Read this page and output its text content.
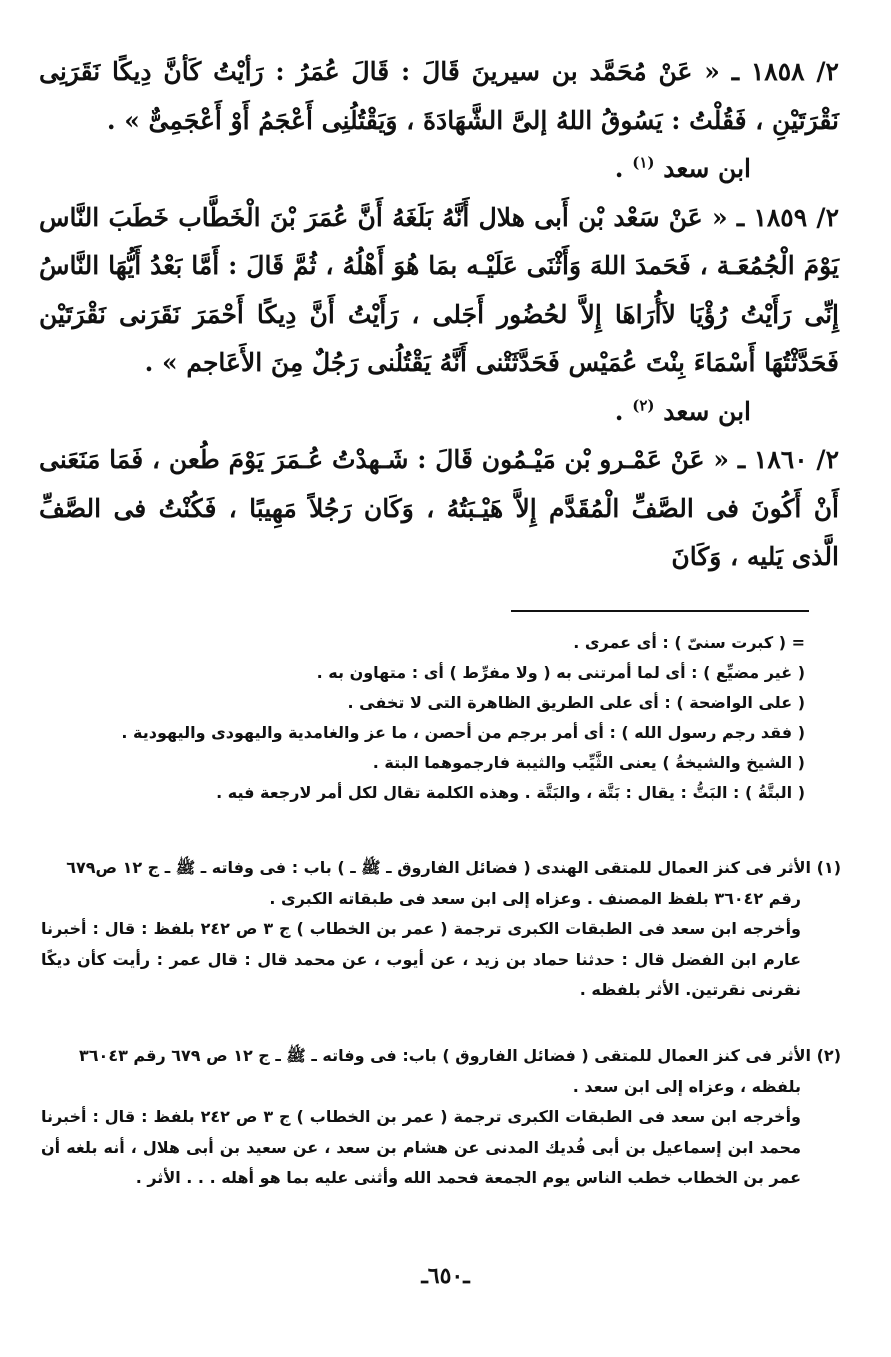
٢/ ١٨٥٨ ـ « عَنْ مُحَمَّد بن سيرينَ قَالَ : قَالَ عُمَرُ : رَأيْتُ كَأنَّ دِيكًا نَقَرَنِى نَقْرَتَيْنِ ، فَقُلْتُ : يَسُوقُ اللهُ إلىَّ الشَّهَادَةَ ، وَيَقْتُلُنِى أَعْجَمُ أَوْ أَعْجَمِىٌّ » .

ابن سعد $^{(١)}$ .

٢/ ١٨٥٩ ـ « عَنْ سَعْد بْن أَبى هلال أَنَّهُ بَلَغَهُ أَنَّ عُمَرَ بْنَ الْخَطَّاب خَطَبَ النَّاس يَوْمَ الْجُمُعَـة ، فَحَمدَ اللهَ وَأَثْنَى عَلَيْـه بمَا هُوَ أَهْلُهُ ، ثُمَّ قَالَ : أَمَّا بَعْدُ أَيُّهَا النَّاسُ إِنِّى رَأَيْتُ رُؤْيَا لاَأُرَاهَا إِلاَّ لحُضُور أَجَلى ، رَأَيْتُ أَنَّ دِيكًا أَحْمَرَ نَقَرَنى نَقْرَتَيْن فَحَدَّثْتُهَا أَسْمَاءَ بِنْتَ عُمَيْس فَحَدَّثَتْنى أَنَّهُ يَقْتُلُنى رَجُلٌ مِنَ الأَعَاجم » .

ابن سعد $^{(٢)}$ .

٢/ ١٨٦٠ ـ « عَنْ عَمْـرو بْن مَيْـمُون قَالَ : شَـهدْتُ عُـمَرَ يَوْمَ طُعن ، فَمَا مَنَعَنى أَنْ أَكُونَ فى الصَّفِّ الْمُقَدَّم إِلاَّ هَيْـبَتُهُ ، وَكَان رَجُلاً مَهِيبًا ، فَكُنْتُ فى الصَّفِّ الَّذى يَليه ، وَكَانَ

= ( كبرت سنىّ ) : أى عمرى .

( غير مضيِّع ) : أى لما أمرتنى به ( ولا مفرِّط ) أى : متهاون به .

( على الواضحة ) : أى على الطريق الظاهرة التى لا تخفى .

( فقد رجم رسول الله ) : أى أمر برجم من أحصن ، ما عز والغامدية واليهودى واليهودية .

( الشيخ والشيخةُ ) يعنى الثَّيِّب والثيبة فارجموهما البتة .

( البتَّةُ ) : البَتُّ : يقال : بَتَّة ، والبَتَّة . وهذه الكلمة تقال لكل أمر لارجعة فيه .

(١) الأثر فى كنز العمال للمتقى الهندى ( فضائل الفاروق ـ ﷺ ـ ) باب : فى وفاته ـ ﷺ ـ ج ١٢ ص٦٧٩

رقم ٣٦٠٤٢ بلفظ المصنف . وعزاه إلى ابن سعد فى طبقاته الكبرى .

وأخرجه ابن سعد فى الطبقات الكبرى ترجمة ( عمر بن الخطاب ) ج ٣ ص ٢٤٢ بلفظ : قال : أخبرنا عارم ابن الفضل قال : حدثنا حماد بن زيد ، عن أيوب ، عن محمد قال : قال عمر : رأيت كأن ديكًا نقرنى نقرتين. الأثر بلفظه .

(٢) الأثر فى كنز العمال للمتقى ( فضائل الفاروق ) باب: فى وفاته ـ ﷺ ـ ج ١٢ ص ٦٧٩ رقم ٣٦٠٤٣

بلفظه ، وعزاه إلى ابن سعد .

وأخرجه ابن سعد فى الطبقات الكبرى ترجمة ( عمر بن الخطاب ) ج ٣ ص ٢٤٢ بلفظ : قال : أخبرنا محمد ابن إسماعيل بن أبى فُديك المدنى عن هشام بن سعد ، عن سعيد بن أبى هلال ، أنه بلغه أن عمر بن الخطاب خطب الناس يوم الجمعة فحمد الله وأثنى عليه بما هو أهله . . . الأثر .

ـ٦٥٠ـ
